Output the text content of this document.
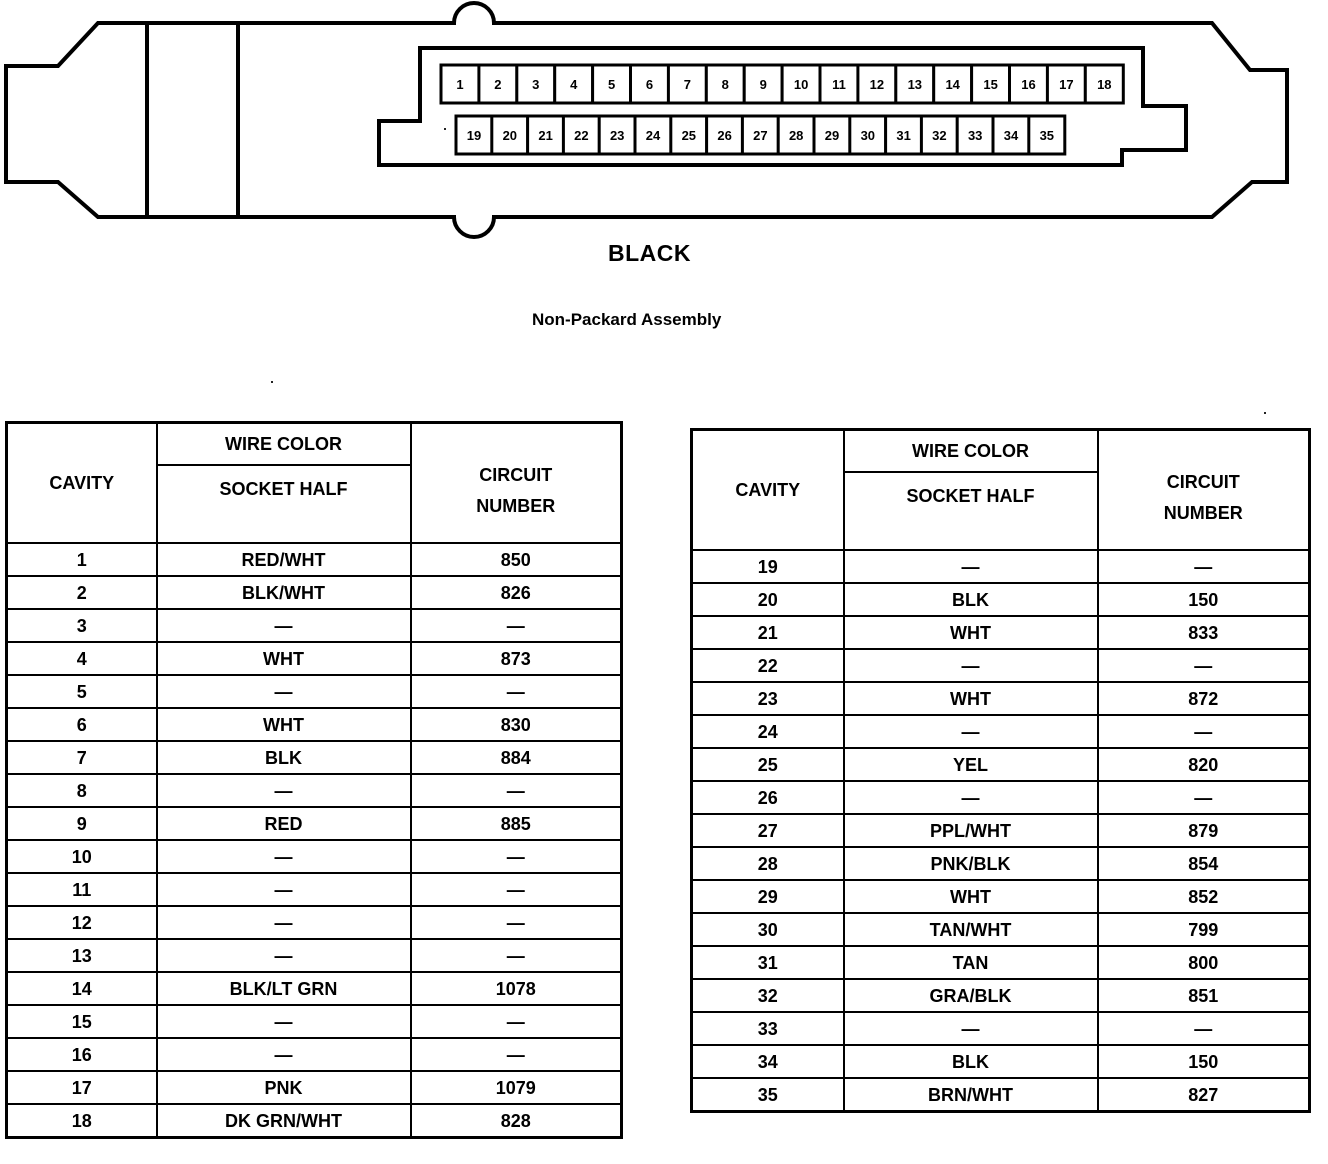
1 2 3 4 5 6 7 8 9 10 11 12 13 14 15 16 17 18
19 20 21 22 23 24 25 26 27 28 29 30 31 32 33 34 35
BLACK
Non-Packard Assembly
CAVITY	WIRE COLOR	CIRCUIT
NUMBER

	SOCKET HALF	
1	RED/WHT	850
2	BLK/WHT	826
3	—	—
4	WHT	873
5	—	—
6	WHT	830
7	BLK	884
8	—	—
9	RED	885
10	—	—
11	—	—
12	—	—
13	—	—
14	BLK/LT GRN	1078
15	—	—
16	—	—
17	PNK	1079
18	DK GRN/WHT	828
CAVITY	WIRE COLOR	CIRCUIT
NUMBER

	SOCKET HALF	
19	—	—
20	BLK	150
21	WHT	833
22	—	—
23	WHT	872
24	—	—
25	YEL	820
26	—	—
27	PPL/WHT	879
28	PNK/BLK	854
29	WHT	852
30	TAN/WHT	799
31	TAN	800
32	GRA/BLK	851
33	—	—
34	BLK	150
35	BRN/WHT	827
